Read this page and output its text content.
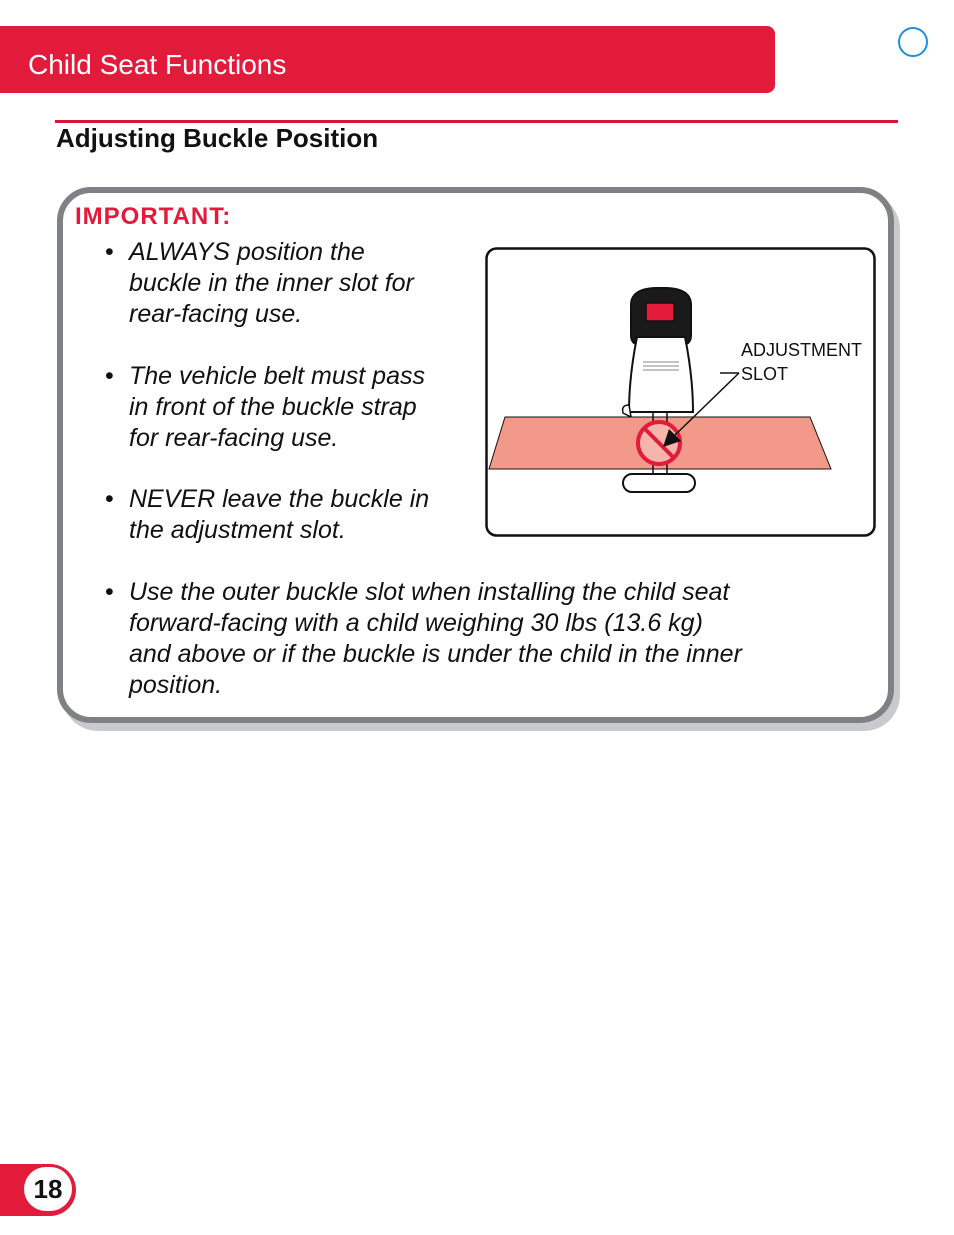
Child Seat Functions
Adjusting Buckle Position
IMPORTANT:
• ALWAYS position the
buckle in the inner slot for
rear-facing use.
• The vehicle belt must pass
in front of the buckle strap
for rear-facing use.
• NEVER leave the buckle in
the adjustment slot.
• Use the outer buckle slot when installing the child seat
forward-facing with a child weighing 30 lbs (13.6 kg)
and above or if the buckle is under the child in the inner
position.
ADJUSTMENT
SLOT
18
